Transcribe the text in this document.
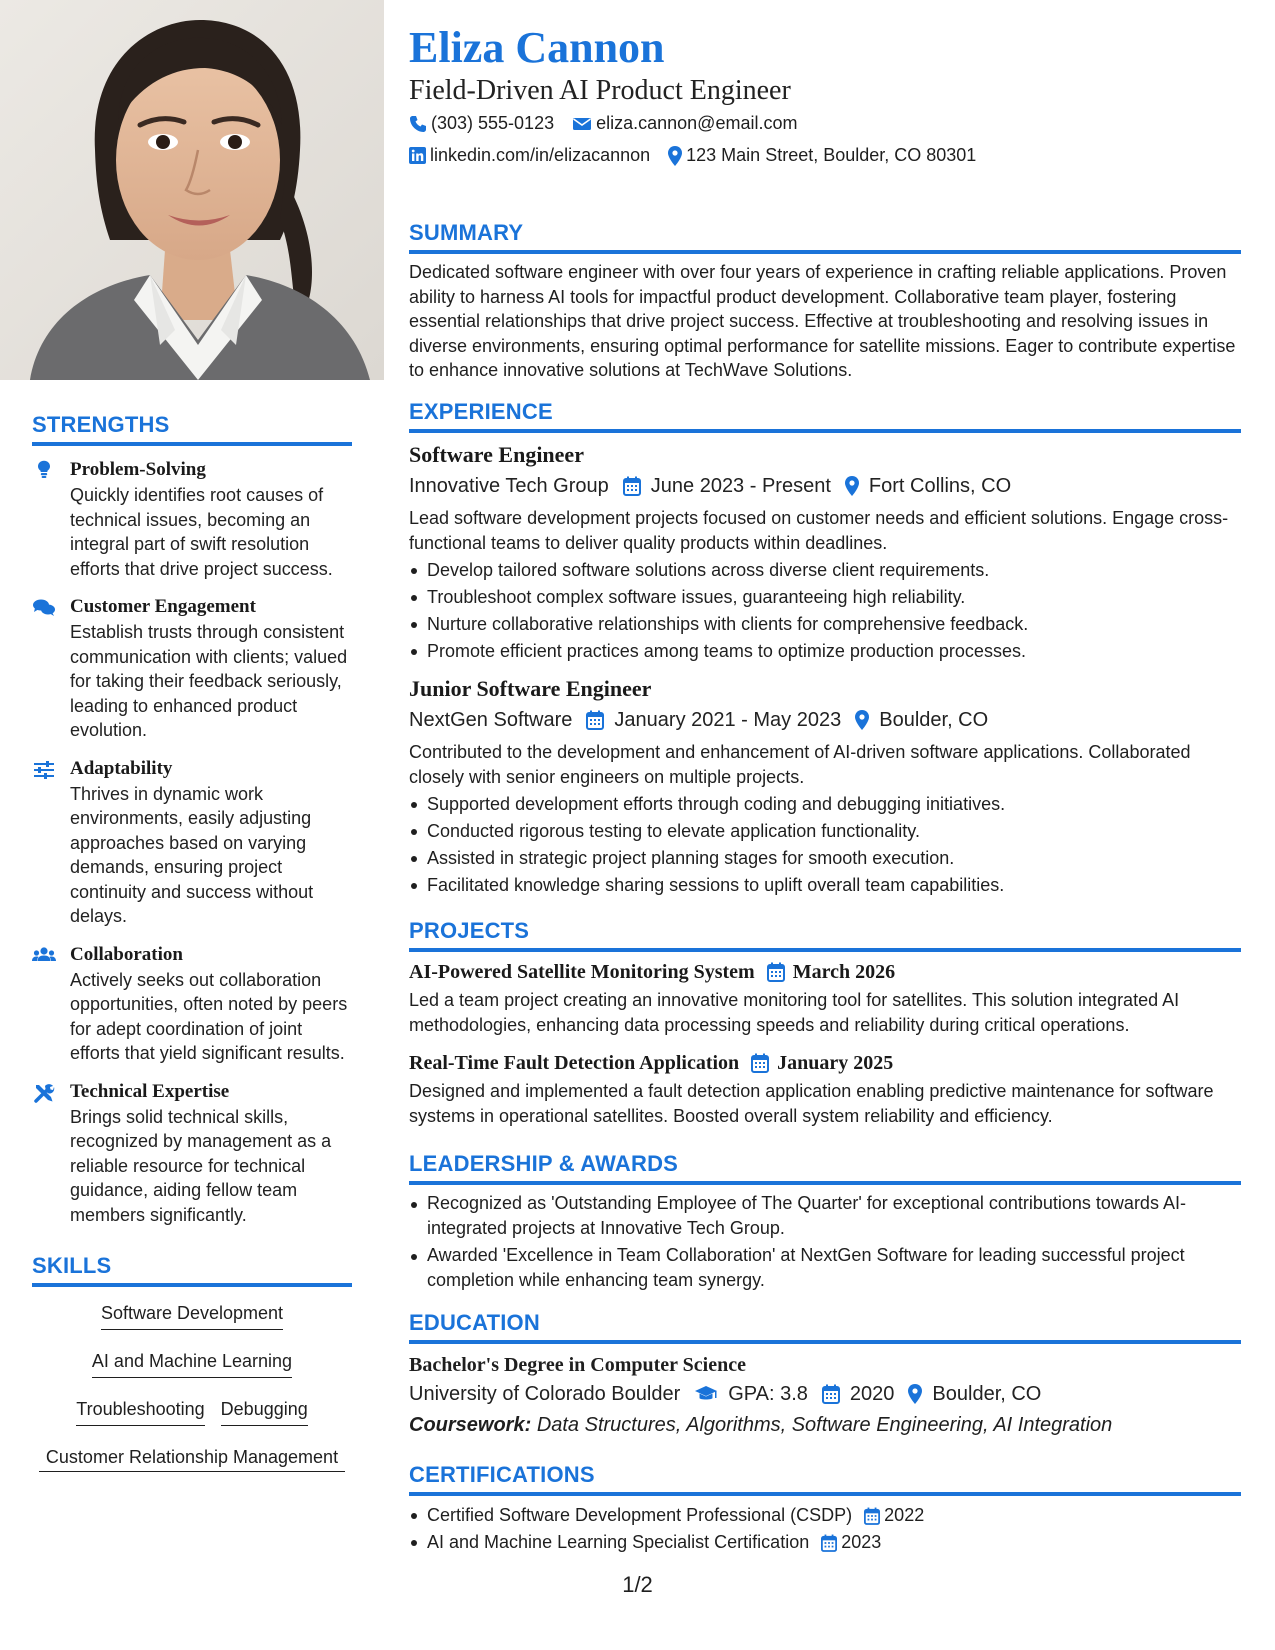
STRENGTHS
Problem-Solving
Quickly identifies root causes of technical issues, becoming an integral part of swift resolution efforts that drive project success.
Customer Engagement
Establish trusts through consistent communication with clients; valued for taking their feedback seriously, leading to enhanced product evolution.
Adaptability
Thrives in dynamic work environments, easily adjusting approaches based on varying demands, ensuring project continuity and success without delays.
Collaboration
Actively seeks out collaboration opportunities, often noted by peers for adept coordination of joint efforts that yield significant results.
Technical Expertise
Brings solid technical skills, recognized by management as a reliable resource for technical guidance, aiding fellow team members significantly.
SKILLS
Software Development
AI and Machine Learning
Troubleshooting Debugging
Customer Relationship Management
Eliza Cannon
Field-Driven AI Product Engineer
(303) 555-0123 eliza.cannon@email.com
linkedin.com/in/elizacannon 123 Main Street, Boulder, CO 80301
SUMMARY
Dedicated software engineer with over four years of experience in crafting reliable applications. Proven ability to harness AI tools for impactful product development. Collaborative team player, fostering essential relationships that drive project success. Effective at troubleshooting and resolving issues in diverse environments, ensuring optimal performance for satellite missions. Eager to contribute expertise to enhance innovative solutions at TechWave Solutions.
EXPERIENCE
Software Engineer
Innovative Tech Group June 2023 - Present Fort Collins, CO
Lead software development projects focused on customer needs and efficient solutions. Engage cross-functional teams to deliver quality products within deadlines.
Develop tailored software solutions across diverse client requirements.
Troubleshoot complex software issues, guaranteeing high reliability.
Nurture collaborative relationships with clients for comprehensive feedback.
Promote efficient practices among teams to optimize production processes.
Junior Software Engineer
NextGen Software January 2021 - May 2023 Boulder, CO
Contributed to the development and enhancement of AI-driven software applications. Collaborated closely with senior engineers on multiple projects.
Supported development efforts through coding and debugging initiatives.
Conducted rigorous testing to elevate application functionality.
Assisted in strategic project planning stages for smooth execution.
Facilitated knowledge sharing sessions to uplift overall team capabilities.
PROJECTS
AI-Powered Satellite Monitoring System March 2026
Led a team project creating an innovative monitoring tool for satellites. This solution integrated AI methodologies, enhancing data processing speeds and reliability during critical operations.
Real-Time Fault Detection Application January 2025
Designed and implemented a fault detection application enabling predictive maintenance for software systems in operational satellites. Boosted overall system reliability and efficiency.
LEADERSHIP & AWARDS
Recognized as 'Outstanding Employee of The Quarter' for exceptional contributions towards AI-integrated projects at Innovative Tech Group.
Awarded 'Excellence in Team Collaboration' at NextGen Software for leading successful project completion while enhancing team synergy.
EDUCATION
Bachelor's Degree in Computer Science
University of Colorado Boulder GPA: 3.8 2020 Boulder, CO
Coursework: Data Structures, Algorithms, Software Engineering, AI Integration
CERTIFICATIONS
Certified Software Development Professional (CSDP) 2022
AI and Machine Learning Specialist Certification 2023
1/2
